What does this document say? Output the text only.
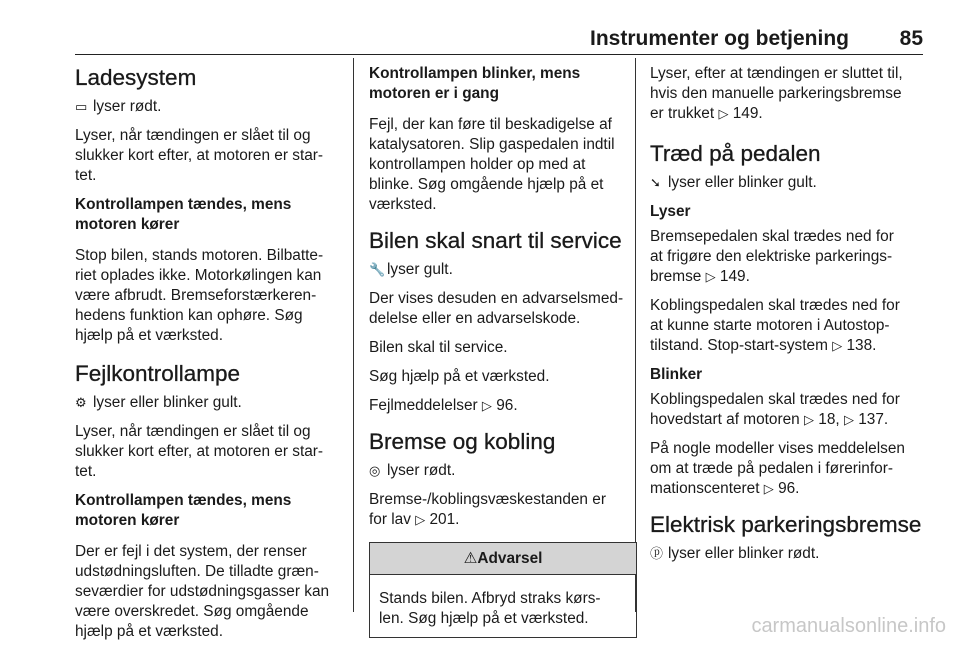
Instrumenter og betjening 85
Ladesystem

▭ lyser rødt.

Lyser, når tændingen er slået til og
slukker kort efter, at motoren er star-
tet.

Kontrollampen tændes, mens
motoren kører

Stop bilen, stands motoren. Bilbatte-
riet oplades ikke. Motorkølingen kan
være afbrudt. Bremseforstærkeren-
hedens funktion kan ophøre. Søg
hjælp på et værksted.

Fejlkontrollampe

⚙ lyser eller blinker gult.

Lyser, når tændingen er slået til og
slukker kort efter, at motoren er star-
tet.

Kontrollampen tændes, mens
motoren kører

Der er fejl i det system, der renser
udstødningsluften. De tilladte græn-
seværdier for udstødningsgasser kan
være overskredet. Søg omgående
hjælp på et værksted.

Kontrollampen blinker, mens
motoren er i gang

Fejl, der kan føre til beskadigelse af
katalysatoren. Slip gaspedalen indtil
kontrollampen holder op med at
blinke. Søg omgående hjælp på et
værksted.

Bilen skal snart til service

🔧 lyser gult.

Der vises desuden en advarselsmed-
delelse eller en advarselskode.

Bilen skal til service.

Søg hjælp på et værksted.

Fejlmeddelelser ▷ 96.

Bremse og kobling

◎ lyser rødt.

Bremse-/koblingsvæskestanden er
for lav ▷ 201.

⚠Advarsel
Stands bilen. Afbryd straks kørs-
len. Søg hjælp på et værksted.

Lyser, efter at tændingen er sluttet til,
hvis den manuelle parkeringsbremse
er trukket ▷ 149.

Træd på pedalen

➘ lyser eller blinker gult.

Lyser

Bremsepedalen skal trædes ned for
at frigøre den elektriske parkerings-
bremse ▷ 149.

Koblingspedalen skal trædes ned for
at kunne starte motoren i Autostop-
tilstand. Stop-start-system ▷ 138.

Blinker

Koblingspedalen skal trædes ned for
hovedstart af motoren ▷ 18, ▷ 137.

På nogle modeller vises meddelelsen
om at træde på pedalen i førerinfor-
mationscenteret ▷ 96.

Elektrisk parkeringsbremse

ⓟ lyser eller blinker rødt.

carmanualsonline.info
